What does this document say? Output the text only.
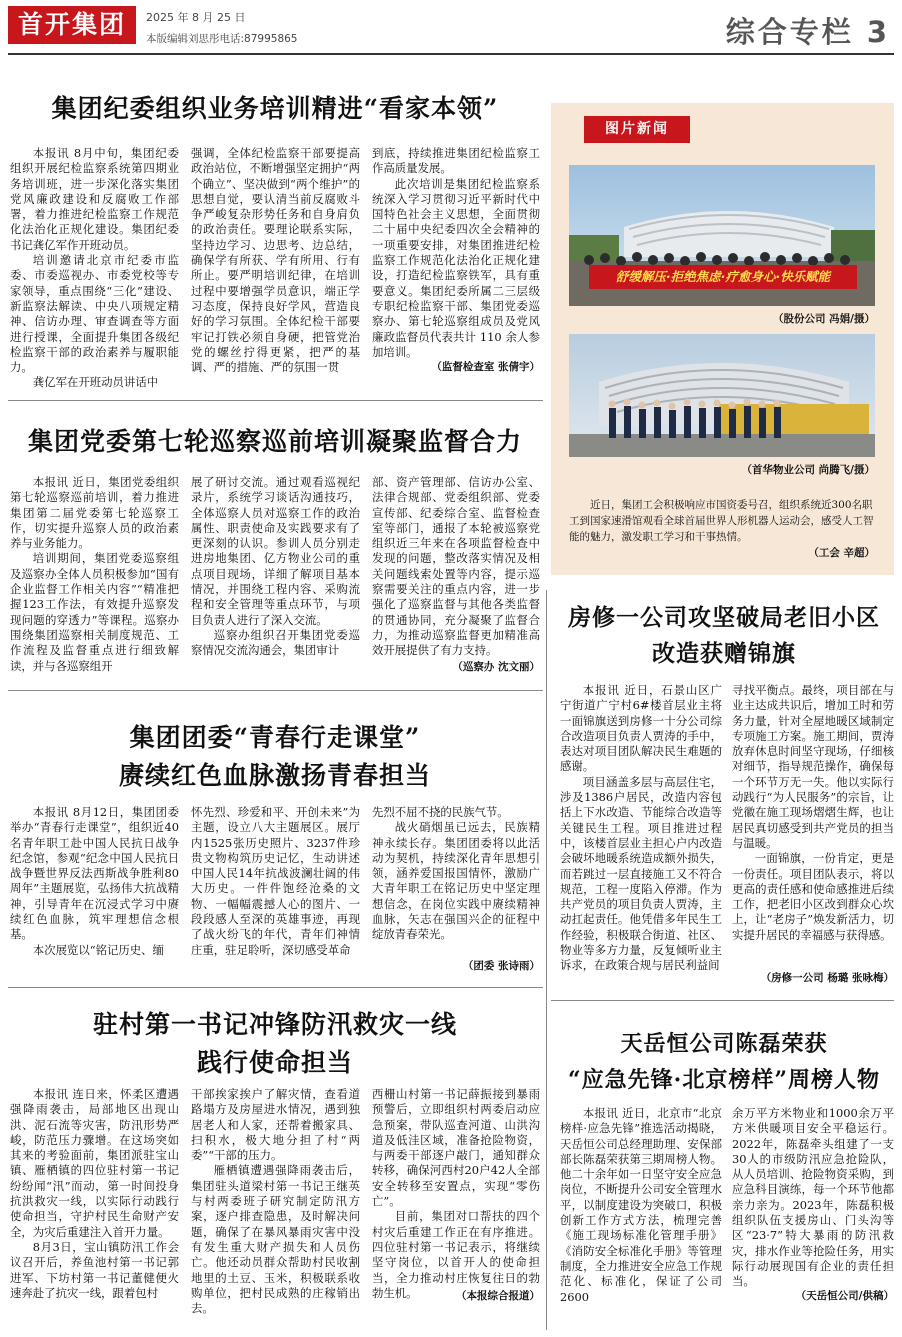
首开集团	2025 年 8 月 25 日
本版编辑刘思彤电话:87995865	综合专栏 3
集团纪委组织业务培训精进“看家本领”

本报讯 8月中旬，集团纪委组织开展纪检监察系统第四期业务培训班，进一步深化落实集团党风廉政建设和反腐败工作部署，着力推进纪检监察工作规范化法治化正规化建设。集团纪委书记龚亿军作开班动员。

培训邀请北京市纪委市监委、市委巡视办、市委党校等专家领导，重点围绕“三化”建设、新监察法解读、中央八项规定精神、信访办理、审查调查等方面进行授课，全面提升集团各级纪检监察干部的政治素养与履职能力。

龚亿军在开班动员讲话中

强调，全体纪检监察干部要提高政治站位，不断增强坚定拥护“两个确立”、坚决做到“两个维护”的思想自觉，要认清当前反腐败斗争严峻复杂形势任务和自身肩负的政治责任。要理论联系实际，坚持边学习、边思考、边总结，确保学有所获、学有所用、行有所止。要严明培训纪律，在培训过程中要增强学员意识，端正学习态度，保持良好学风，营造良好的学习氛围。全体纪检干部要牢记打铁必须自身硬，把管党治党的螺丝拧得更紧，把严的基调、严的措施、严的氛围一贯

到底，持续推进集团纪检监察工作高质量发展。

此次培训是集团纪检监察系统深入学习贯彻习近平新时代中国特色社会主义思想，全面贯彻二十届中央纪委四次全会精神的一项重要安排，对集团推进纪检监察工作规范化法治化正规化建设，打造纪检监察铁军，具有重要意义。集团纪委所属二三层级专职纪检监察干部、集团党委巡察办、第七轮巡察组成员及党风廉政监督员代表共计 110 余人参加培训。

（监督检查室 张倩宇）
集团党委第七轮巡察巡前培训凝聚监督合力

本报讯 近日，集团党委组织第七轮巡察巡前培训，着力推进集团第二届党委第七轮巡察工作，切实提升巡察人员的政治素养与业务能力。

培训期间，集团党委巡察组及巡察办全体人员积极参加“国有企业监督工作相关内容”“精准把握123工作法，有效提升巡察发现问题的穿透力”等课程。巡察办围绕集团巡察相关制度规范、工作流程及监督重点进行细致解读，并与各巡察组开

展了研讨交流。通过观看巡视纪录片，系统学习谈话沟通技巧，全体巡察人员对巡察工作的政治属性、职责使命及实践要求有了更深刻的认识。参训人员分别走进房地集团、亿方物业公司的重点项目现场，详细了解项目基本情况，并围绕工程内容、采购流程和安全管理等重点环节，与项目负责人进行了深入交流。

巡察办组织召开集团党委巡察情况交流沟通会，集团审计

部、资产管理部、信访办公室、法律合规部、党委组织部、党委宣传部、纪委综合室、监督检查室等部门，通报了本轮被巡察党组织近三年来在各项监督检查中发现的问题，整改落实情况及相关问题线索处置等内容，提示巡察需要关注的重点内容，进一步强化了巡察监督与其他各类监督的贯通协同，充分凝聚了监督合力，为推动巡察监督更加精准高效开展提供了有力支持。

（巡察办 沈文丽）
集团团委“青春行走课堂”
赓续红色血脉激扬青春担当

本报讯 8月12日，集团团委举办“青春行走课堂”，组织近40名青年职工赴中国人民抗日战争纪念馆，参观“纪念中国人民抗日战争暨世界反法西斯战争胜利80周年”主题展览，弘扬伟大抗战精神，引导青年在沉浸式学习中赓续红色血脉，筑牢理想信念根基。

本次展览以“铭记历史、缅

怀先烈、珍爱和平、开创未来”为主题，设立八大主题展区。展厅内1525张历史照片、3237件珍贵文物构筑历史记忆，生动讲述中国人民14年抗战波澜壮阔的伟大历史。一件件饱经沧桑的文物、一幅幅震撼人心的图片、一段段感人至深的英雄事迹，再现了战火纷飞的年代，青年们神情庄重，驻足聆听，深切感受革命

先烈不屈不挠的民族气节。

战火硝烟虽已远去，民族精神永续长存。集团团委将以此活动为契机，持续深化青年思想引领，涵养爱国报国情怀，激励广大青年职工在铭记历史中坚定理想信念，在岗位实践中赓续精神血脉，矢志在强国兴企的征程中绽放青春荣光。

（团委 张诗雨）
驻村第一书记冲锋防汛救灾一线
践行使命担当

本报讯 连日来，怀柔区遭遇强降雨袭击，局部地区出现山洪、泥石流等灾害，防汛形势严峻，防范压力骤增。在这场突如其来的考验面前，集团派驻宝山镇、雁栖镇的四位驻村第一书记纷纷闻“汛”而动，第一时间投身抗洪救灾一线，以实际行动践行使命担当，守护村民生命财产安全，为灾后重建注入首开力量。

8月3日，宝山镇防汛工作会议召开后，养鱼池村第一书记郭进军、下坊村第一书记董健便火速奔赴了抗灾一线，跟着包村

干部挨家挨户了解灾情，查看道路塌方及房屋进水情况，遇到独居老人和人家，还帮着搬家具、扫积水，极大地分担了村“两委”“干部的压力。

雁栖镇遭遇强降雨袭击后，集团驻头道梁村第一书记王继英与村两委班子研究制定防汛方案，逐户排查隐患，及时解决问题，确保了在暴风暴雨灾害中没有发生重大财产损失和人员伤亡。他还动员群众帮助村民收割地里的土豆、玉米，积极联系收购单位，把村民成熟的庄稼销出去。

西栅山村第一书记薛振接到暴雨预警后，立即组织村两委启动应急预案，带队巡查河道、山洪沟道及低洼区域，准备抢险物资，与两委干部逐户敲门，通知群众转移，确保河西村20户42人全部安全转移至安置点，实现“零伤亡”。

目前，集团对口帮扶的四个村灾后重建工作正在有序推进。四位驻村第一书记表示，将继续坚守岗位，以首开人的使命担当，全力推动村庄恢复往日的勃勃生机。	（本报综合报道）
图片新闻
舒缓解压·拒绝焦虑·疗愈身心·快乐赋能
（股份公司 冯娟/摄）
（首华物业公司 尚腾飞/摄）
近日，集团工会积极响应市国资委号召，组织系统近300名职工到国家速滑馆观看全球首届世界人形机器人运动会，感受人工智能的魅力，激发职工学习和干事热情。
（工会 辛超）
房修一公司攻坚破局老旧小区
改造获赠锦旗

本报讯 近日，石景山区广宁街道广宁村6#楼首层业主将一面锦旗送到房修一十分公司综合改造项目负责人贾涛的手中，表达对项目团队解决民生难题的感谢。

项目涵盖多层与高层住宅，涉及1386户居民，改造内容包括上下水改造、节能综合改造等关键民生工程。项目推进过程中，该楼首层业主担心户内改造会破坏地暖系统造成额外损失，而若跳过一层直接施工又不符合规范，工程一度陷入停滞。作为共产党员的项目负责人贾涛，主动扛起责任。他凭借多年民生工作经验，积极联合街道、社区、物业等多方力量，反复倾听业主诉求，在政策合规与居民利益间

寻找平衡点。最终，项目部在与业主达成共识后，增加工时和劳务力量，针对全屋地暖区域制定专项施工方案。施工期间，贾涛放弃休息时间坚守现场，仔细核对细节，指导规范操作，确保每一个环节万无一失。他以实际行动践行“为人民服务”的宗旨，让党徽在施工现场熠熠生辉，也让居民真切感受到共产党员的担当与温暖。

一面锦旗，一份肯定，更是一份责任。项目团队表示，将以更高的责任感和使命感推进后续工作，把老旧小区改到群众心坎上，让“老房子”焕发新活力，切实提升居民的幸福感与获得感。

（房修一公司 杨璐 张咏梅）
天岳恒公司陈磊荣获
“应急先锋·北京榜样”周榜人物

本报讯 近日，北京市“北京榜样·应急先锋”推选活动揭晓，天岳恒公司总经理助理、安保部部长陈磊荣获第三期周榜人物。他二十余年如一日坚守安全应急岗位，不断提升公司安全管理水平，以制度建设为突破口，积极创新工作方式方法，梳理完善《施工现场标准化管理手册》《消防安全标准化手册》等管理制度，全力推进安全应急工作规范化、标准化，保证了公司2600

余万平方米物业和1000余万平方米供暖项目安全平稳运行。2022年，陈磊牵头组建了一支30人的市级防汛应急抢险队，从人员培训、抢险物资采购，到应急科目演练，每一个环节他都亲力亲为。2023年，陈磊积极组织队伍支援房山、门头沟等区“23·7”特大暴雨的防汛救灾，排水作业等抢险任务，用实际行动展现国有企业的责任担当。

（天岳恒公司/供稿）
